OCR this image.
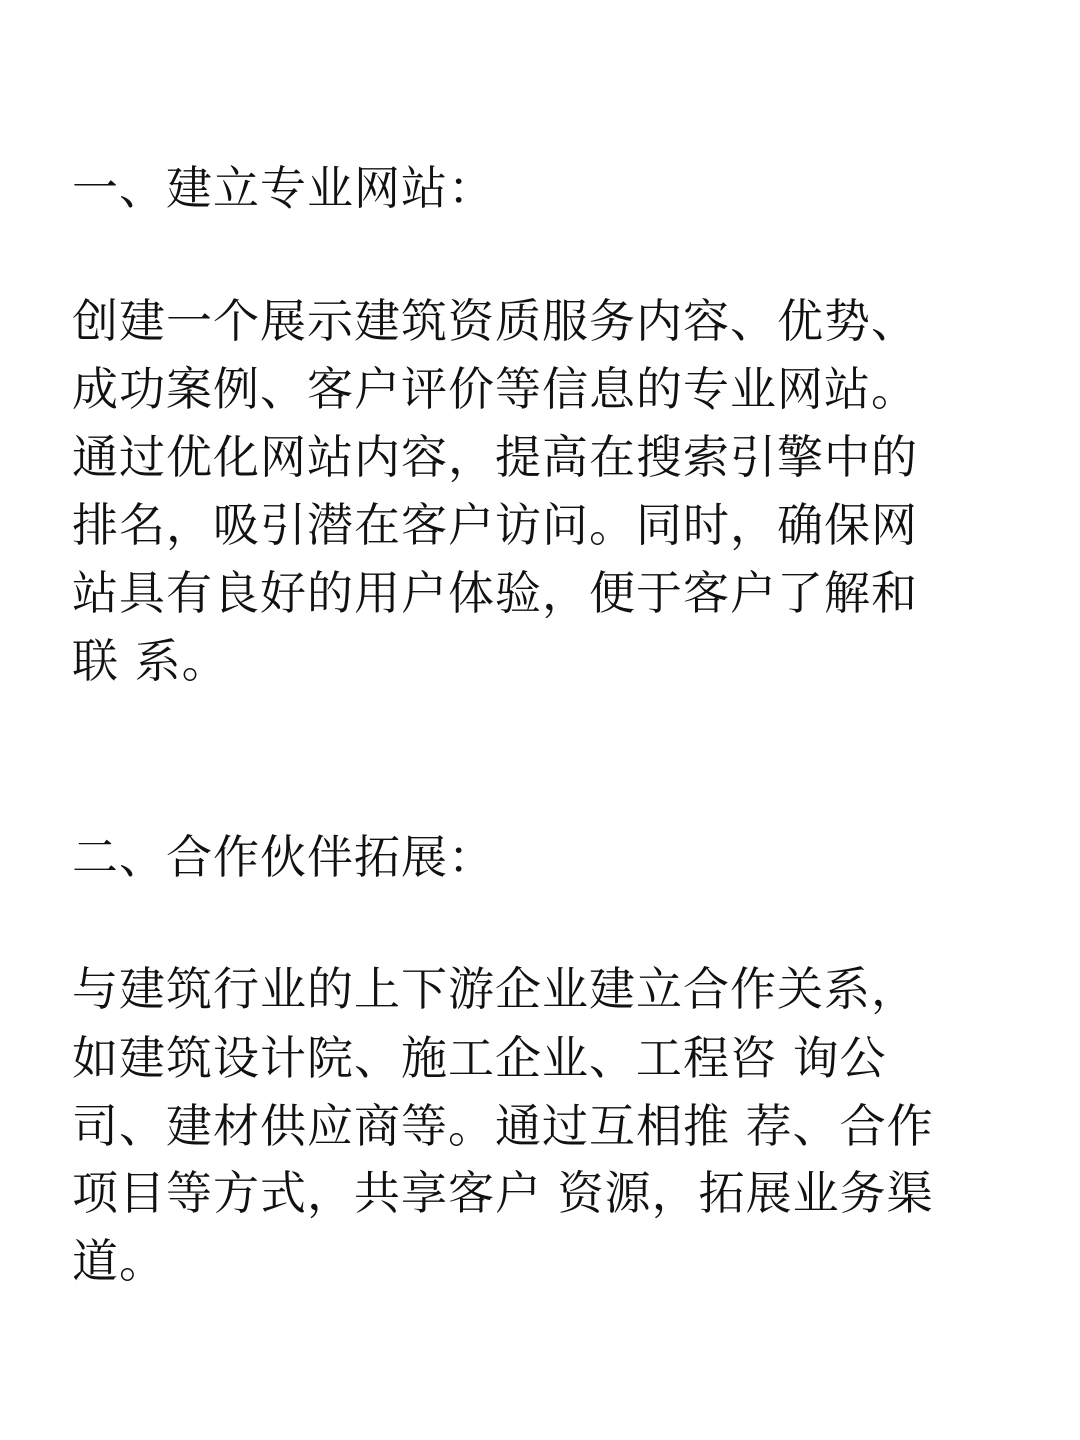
一、建立专业网站：

创建一个展示建筑资质服务内容、优势、

成功案例、客户评价等信息的专业网站。

通过优化网站内容，提高在搜索引擎中的

排名，吸引潜在客户访问。同时，确保网

站具有良好的用户体验，便于客户了解和

联 系。

二、合作伙伴拓展：

与建筑行业的上下游企业建立合作关系，

如建筑设计院、施工企业、工程咨 询公

司、建材供应商等。通过互相推 荐、合作

项目等方式，共享客户 资源，拓展业务渠

道。
